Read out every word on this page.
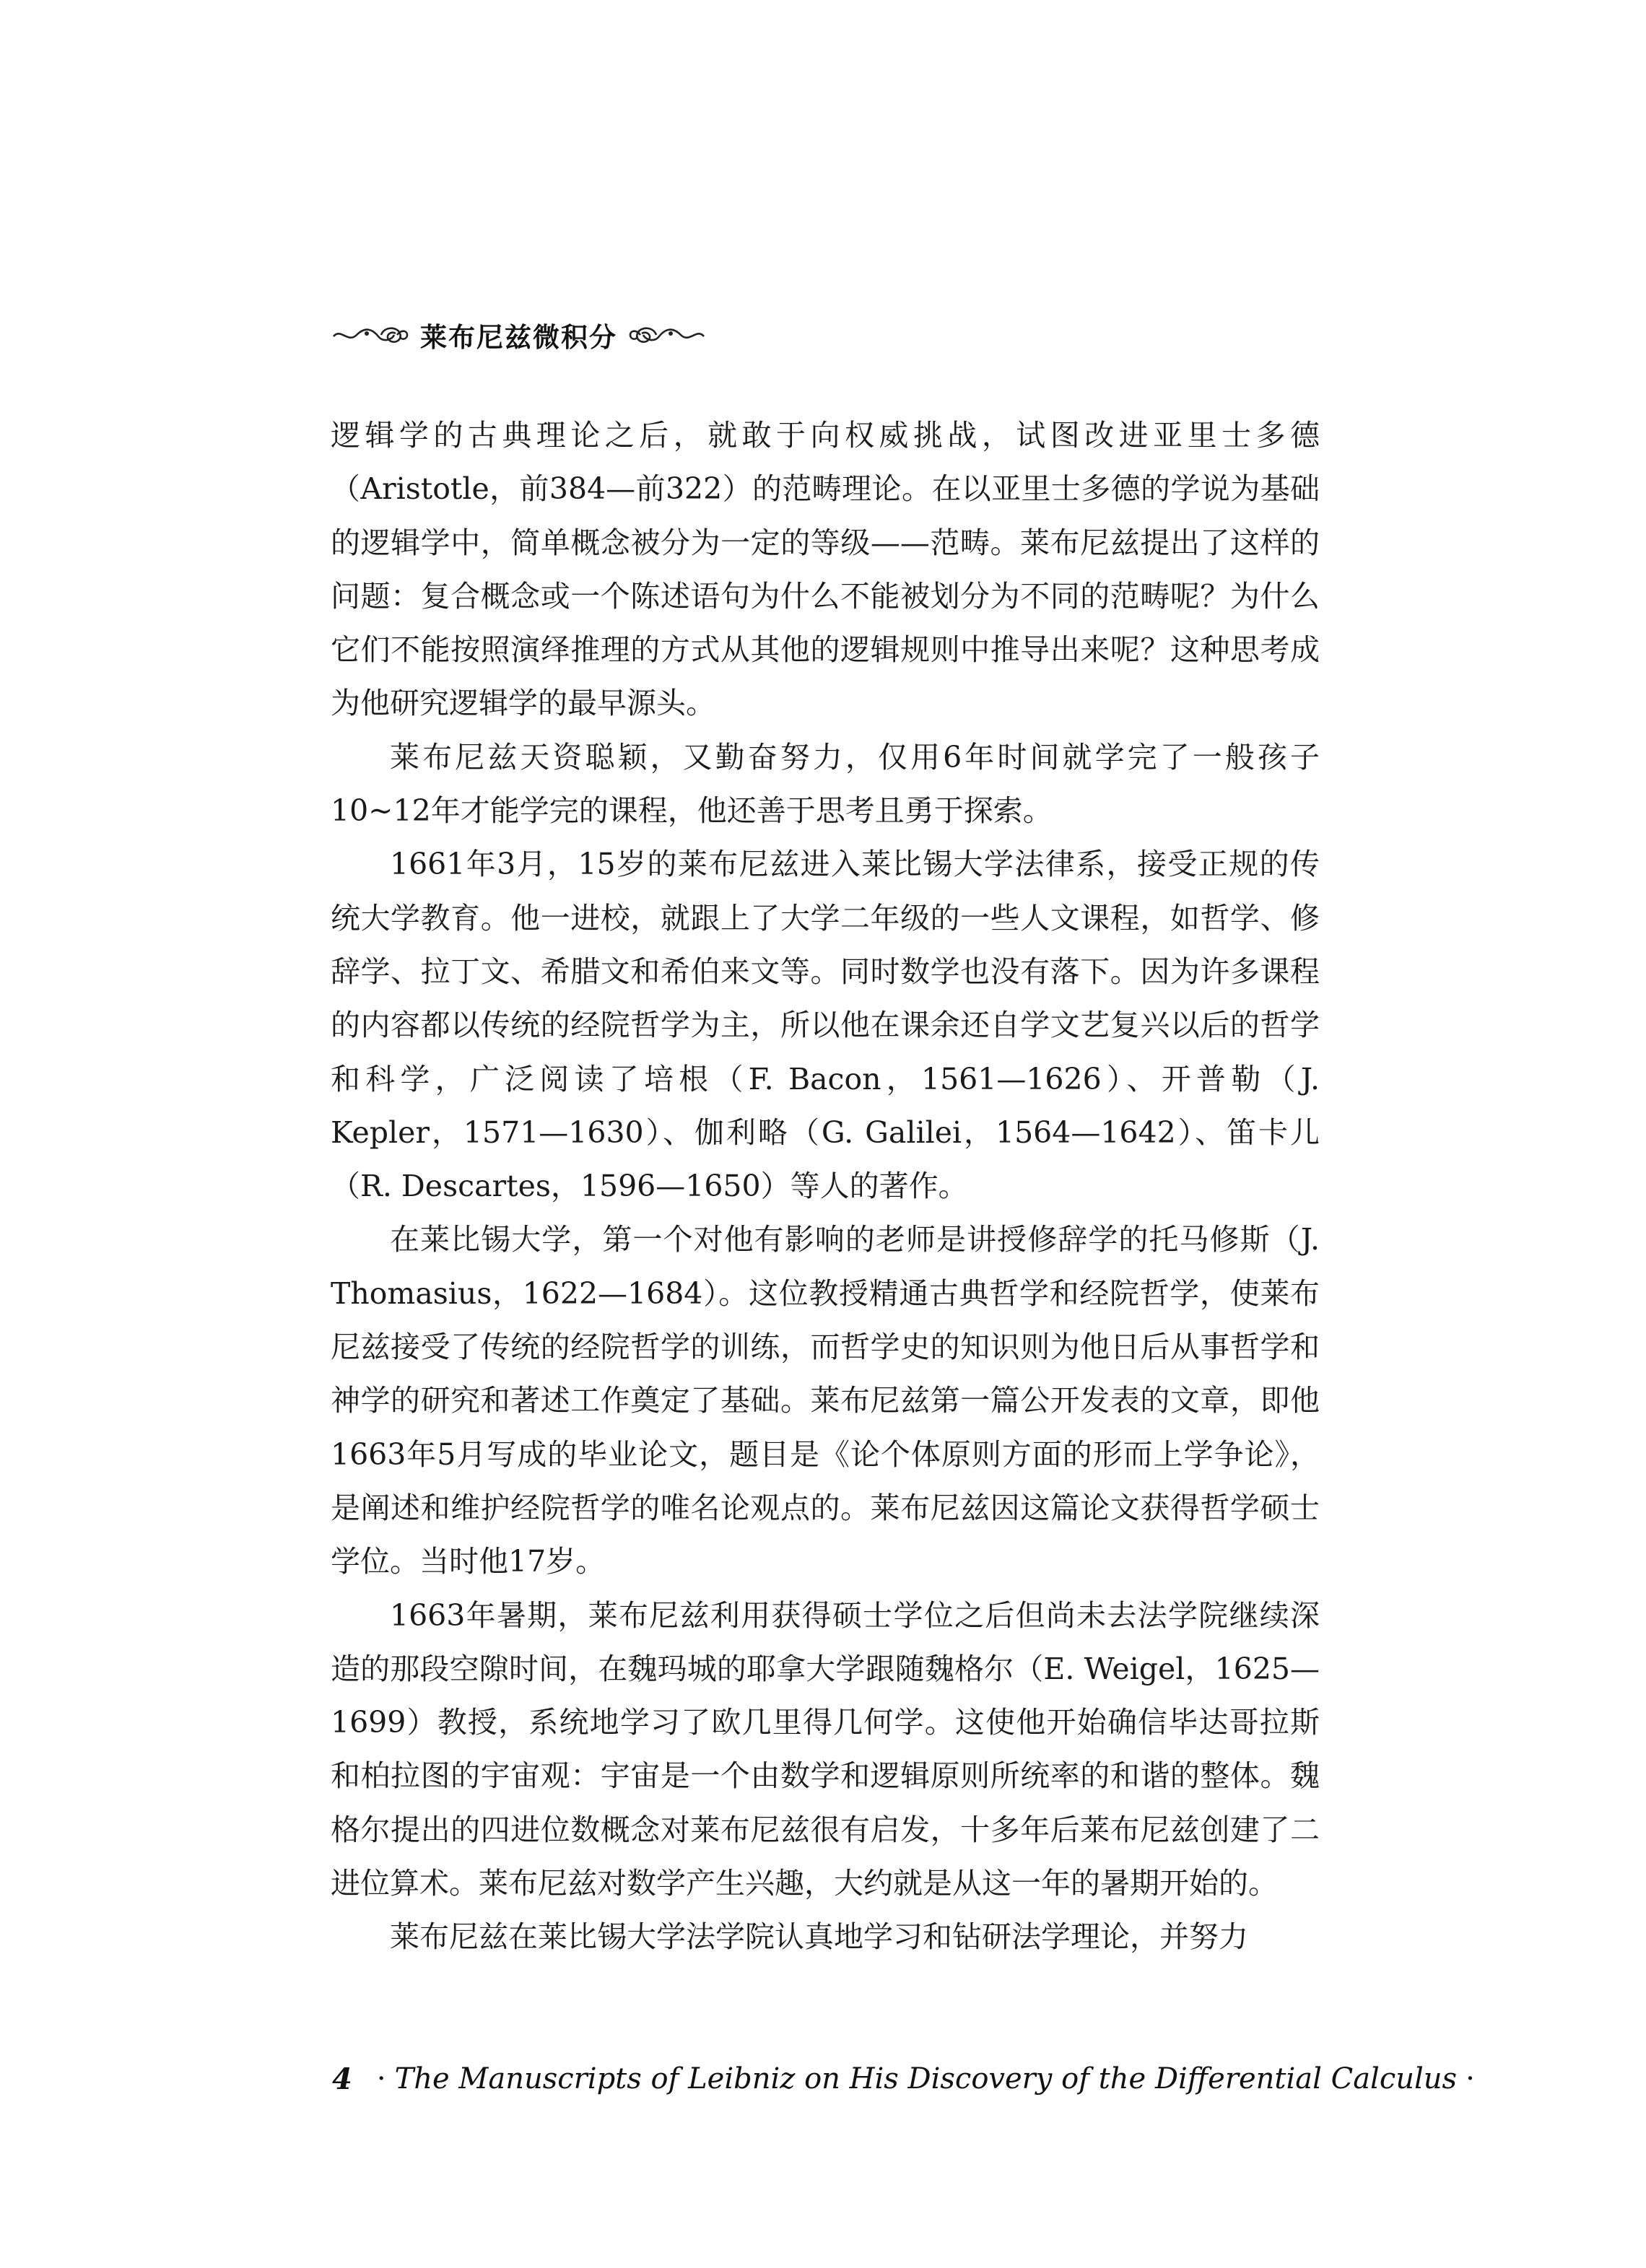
莱布尼兹微积分

逻辑学的古典理论之后，就敢于向权威挑战，试图改进亚里士多德（Aristotle，前384—前322）的范畴理论。在以亚里士多德的学说为基础的逻辑学中，简单概念被分为一定的等级——范畴。莱布尼兹提出了这样的问题：复合概念或一个陈述语句为什么不能被划分为不同的范畴呢？为什么它们不能按照演绎推理的方式从其他的逻辑规则中推导出来呢？这种思考成为他研究逻辑学的最早源头。

莱布尼兹天资聪颖，又勤奋努力，仅用6年时间就学完了一般孩子10~12年才能学完的课程，他还善于思考且勇于探索。

1661年3月，15岁的莱布尼兹进入莱比锡大学法律系，接受正规的传统大学教育。他一进校，就跟上了大学二年级的一些人文课程，如哲学、修辞学、拉丁文、希腊文和希伯来文等。同时数学也没有落下。因为许多课程的内容都以传统的经院哲学为主，所以他在课余还自学文艺复兴以后的哲学和科学，广泛阅读了培根（F. Bacon，1561—1626）、开普勒（J. Kepler，1571—1630）、伽利略（G. Galilei，1564—1642）、笛卡儿（R. Descartes，1596—1650）等人的著作。

在莱比锡大学，第一个对他有影响的老师是讲授修辞学的托马修斯（J. Thomasius，1622—1684）。这位教授精通古典哲学和经院哲学，使莱布尼兹接受了传统的经院哲学的训练，而哲学史的知识则为他日后从事哲学和神学的研究和著述工作奠定了基础。莱布尼兹第一篇公开发表的文章，即他1663年5月写成的毕业论文，题目是《论个体原则方面的形而上学争论》，是阐述和维护经院哲学的唯名论观点的。莱布尼兹因这篇论文获得哲学硕士学位。当时他17岁。

1663年暑期，莱布尼兹利用获得硕士学位之后但尚未去法学院继续深造的那段空隙时间，在魏玛城的耶拿大学跟随魏格尔（E. Weigel，1625—1699）教授，系统地学习了欧几里得几何学。这使他开始确信毕达哥拉斯和柏拉图的宇宙观：宇宙是一个由数学和逻辑原则所统率的和谐的整体。魏格尔提出的四进位数概念对莱布尼兹很有启发，十多年后莱布尼兹创建了二进位算术。莱布尼兹对数学产生兴趣，大约就是从这一年的暑期开始的。

莱布尼兹在莱比锡大学法学院认真地学习和钻研法学理论，并努力

4 · The Manuscripts of Leibniz on His Discovery of the Differential Calculus ·
